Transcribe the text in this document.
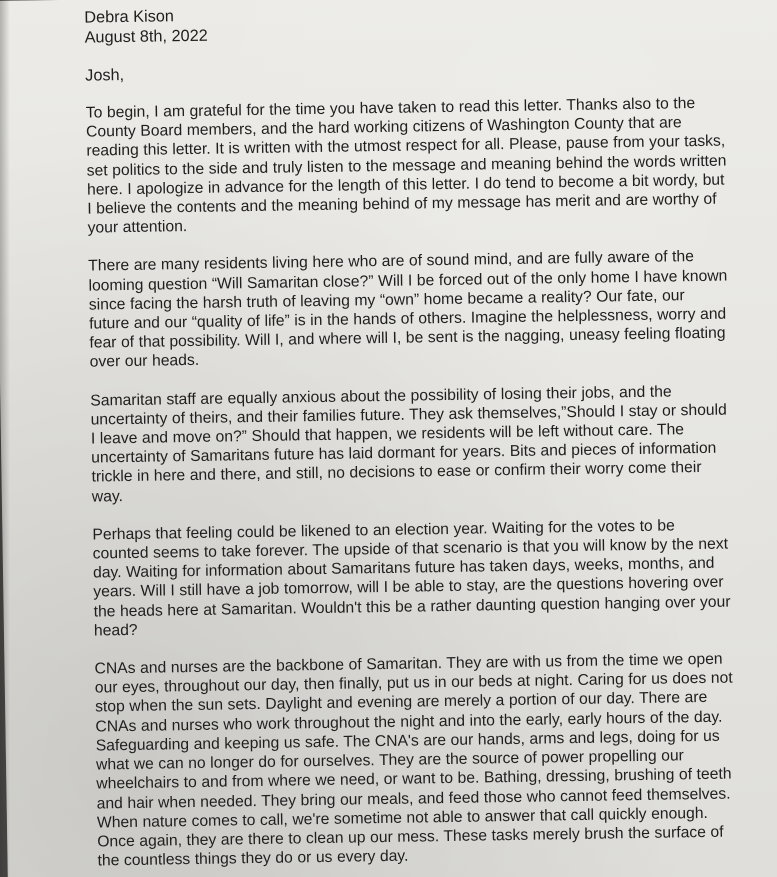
Debra Kison
August 8th, 2022
Josh,

To begin, I am grateful for the time you have taken to read this letter. Thanks also to the County Board members, and the hard working citizens of Washington County that are reading this letter. It is written with the utmost respect for all. Please, pause from your tasks, set politics to the side and truly listen to the message and meaning behind the words written here. I apologize in advance for the length of this letter. I do tend to become a bit wordy, but I believe the contents and the meaning behind of my message has merit and are worthy of your attention.

There are many residents living here who are of sound mind, and are fully aware of the looming question “Will Samaritan close?” Will I be forced out of the only home I have known since facing the harsh truth of leaving my “own” home became a reality? Our fate, our future and our “quality of life” is in the hands of others. Imagine the helplessness, worry and fear of that possibility. Will I, and where will I, be sent is the nagging, uneasy feeling floating over our heads.

Samaritan staff are equally anxious about the possibility of losing their jobs, and the uncertainty of theirs, and their families future. They ask themselves,”Should I stay or should I leave and move on?” Should that happen, we residents will be left without care. The uncertainty of Samaritans future has laid dormant for years. Bits and pieces of information trickle in here and there, and still, no decisions to ease or confirm their worry come their way.

Perhaps that feeling could be likened to an election year. Waiting for the votes to be counted seems to take forever. The upside of that scenario is that you will know by the next day. Waiting for information about Samaritans future has taken days, weeks, months, and years. Will I still have a job tomorrow, will I be able to stay, are the questions hovering over the heads here at Samaritan. Wouldn't this be a rather daunting question hanging over your head?

CNAs and nurses are the backbone of Samaritan. They are with us from the time we open our eyes, throughout our day, then finally, put us in our beds at night. Caring for us does not stop when the sun sets. Daylight and evening are merely a portion of our day. There are CNAs and nurses who work throughout the night and into the early, early hours of the day. Safeguarding and keeping us safe. The CNA's are our hands, arms and legs, doing for us what we can no longer do for ourselves. They are the source of power propelling our wheelchairs to and from where we need, or want to be. Bathing, dressing, brushing of teeth and hair when needed. They bring our meals, and feed those who cannot feed themselves. When nature comes to call, we're sometime not able to answer that call quickly enough. Once again, they are there to clean up our mess. These tasks merely brush the surface of the countless things they do or us every day.
